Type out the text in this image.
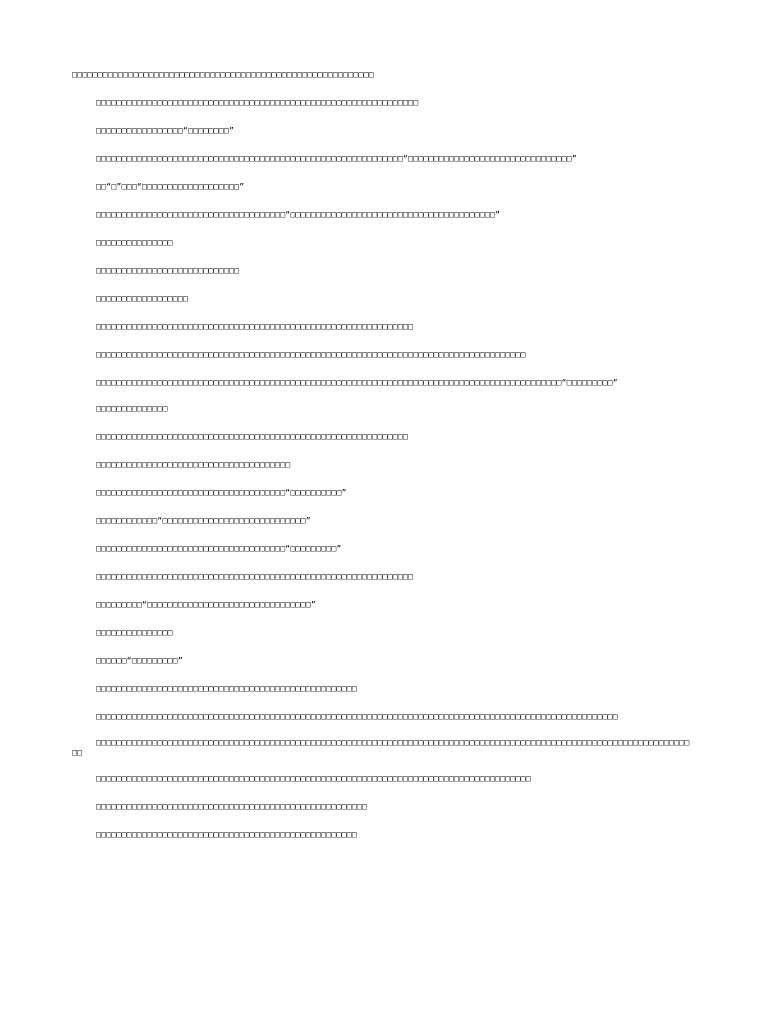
□□□□□□□□□□□□□□□□□□□□□□□□□□□□□□□□□□□□□□□□□□□□□□□□□□□□□□□□□□□

□□□□□□□□□□□□□□□□□□□□□□□□□□□□□□□□□□□□□□□□□□□□□□□□□□□□□□□□□□□□□□□

□□□□□□□□□□□□□□□□□“□□□□□□□□”

□□□□□□□□□□□□□□□□□□□□□□□□□□□□□□□□□□□□□□□□□□□□□□□□□□□□□□□□□□□□“□□□□□□□□□□□□□□□□□□□□□□□□□□□□□□□□”

□□“□”□□□“□□□□□□□□□□□□□□□□□□□”

□□□□□□□□□□□□□□□□□□□□□□□□□□□□□□□□□□□□□“□□□□□□□□□□□□□□□□□□□□□□□□□□□□□□□□□□□□□□□□”

□□□□□□□□□□□□□□□

□□□□□□□□□□□□□□□□□□□□□□□□□□□□

□□□□□□□□□□□□□□□□□□

□□□□□□□□□□□□□□□□□□□□□□□□□□□□□□□□□□□□□□□□□□□□□□□□□□□□□□□□□□□□□□

□□□□□□□□□□□□□□□□□□□□□□□□□□□□□□□□□□□□□□□□□□□□□□□□□□□□□□□□□□□□□□□□□□□□□□□□□□□□□□□□□□□□

□□□□□□□□□□□□□□□□□□□□□□□□□□□□□□□□□□□□□□□□□□□□□□□□□□□□□□□□□□□□□□□□□□□□□□□□□□□□□□□□□□□□□□□□□□□“□□□□□□□□□”

□□□□□□□□□□□□□□

□□□□□□□□□□□□□□□□□□□□□□□□□□□□□□□□□□□□□□□□□□□□□□□□□□□□□□□□□□□□□

□□□□□□□□□□□□□□□□□□□□□□□□□□□□□□□□□□□□□□

□□□□□□□□□□□□□□□□□□□□□□□□□□□□□□□□□□□□□“□□□□□□□□□□”

□□□□□□□□□□□□“□□□□□□□□□□□□□□□□□□□□□□□□□□□□”

□□□□□□□□□□□□□□□□□□□□□□□□□□□□□□□□□□□□□“□□□□□□□□□”

□□□□□□□□□□□□□□□□□□□□□□□□□□□□□□□□□□□□□□□□□□□□□□□□□□□□□□□□□□□□□□

□□□□□□□□□“□□□□□□□□□□□□□□□□□□□□□□□□□□□□□□□□”

□□□□□□□□□□□□□□□

□□□□□□“□□□□□□□□□”

□□□□□□□□□□□□□□□□□□□□□□□□□□□□□□□□□□□□□□□□□□□□□□□□□□□

□□□□□□□□□□□□□□□□□□□□□□□□□□□□□□□□□□□□□□□□□□□□□□□□□□□□□□□□□□□□□□□□□□□□□□□□□□□□□□□□□□□□□□□□□□□□□□□□□□□□□□

□□□□□□□□□□□□□□□□□□□□□□□□□□□□□□□□□□□□□□□□□□□□□□□□□□□□□□□□□□□□□□□□□□□□□□□□□□□□□□□□□□□□□□□□□□□□□□□□□□□□□□□□□□□□□□□□□□□□□□

□□□□□□□□□□□□□□□□□□□□□□□□□□□□□□□□□□□□□□□□□□□□□□□□□□□□□□□□□□□□□□□□□□□□□□□□□□□□□□□□□□□□□

□□□□□□□□□□□□□□□□□□□□□□□□□□□□□□□□□□□□□□□□□□□□□□□□□□□□□

□□□□□□□□□□□□□□□□□□□□□□□□□□□□□□□□□□□□□□□□□□□□□□□□□□□
